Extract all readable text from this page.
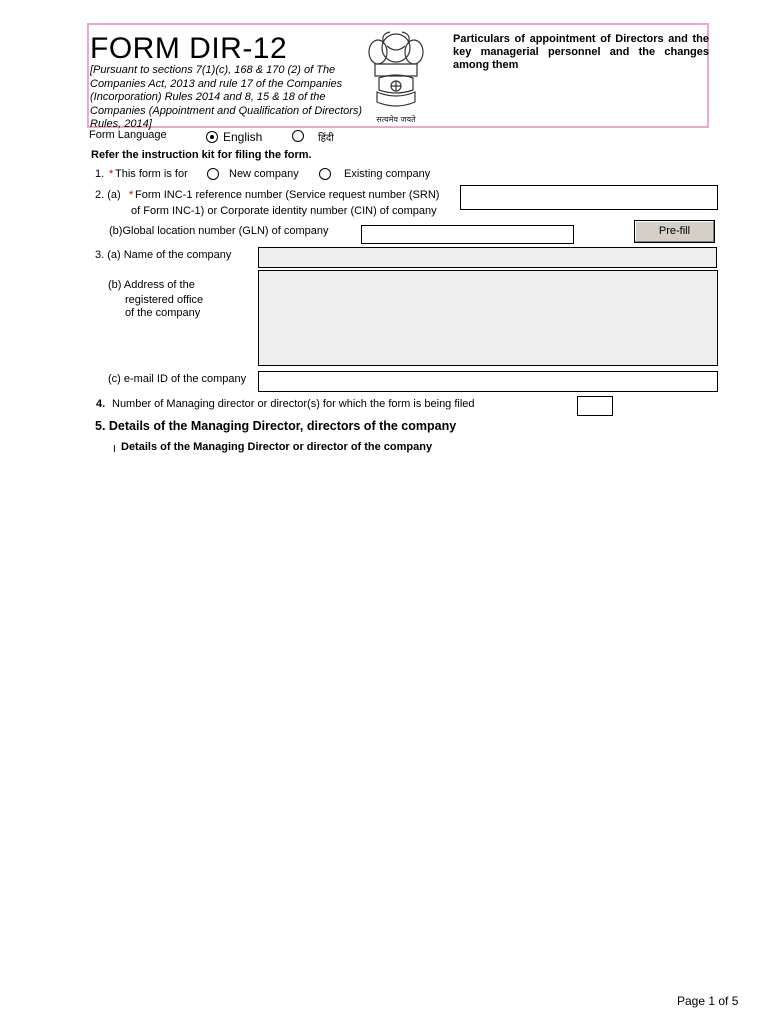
FORM DIR-12
[Pursuant to sections 7(1)(c), 168 & 170 (2) of The Companies Act, 2013 and rule 17 of the Companies (Incorporation) Rules 2014 and 8, 15 & 18 of the Companies (Appointment and Qualification of Directors) Rules, 2014]	सत्यमेव जयते
Particulars of appointment of Directors and the key managerial personnel and the changes among them
Form Language	English	हिंदी
Refer the instruction kit for filing the form.
1. * This form is for	New company	Existing company
2. (a) * Form INC-1 reference number (Service request number (SRN)
of Form INC-1) or Corporate identity number (CIN) of company
(b)Global location number (GLN) of company	Pre-fill
3. (a) Name of the company
(b) Address of the
registered office
of the company
(c) e-mail ID of the company
4. Number of Managing director or director(s) for which the form is being filed
5. Details of the Managing Director, directors of the company
I Details of the Managing Director or director of the company
Page 1 of 5
